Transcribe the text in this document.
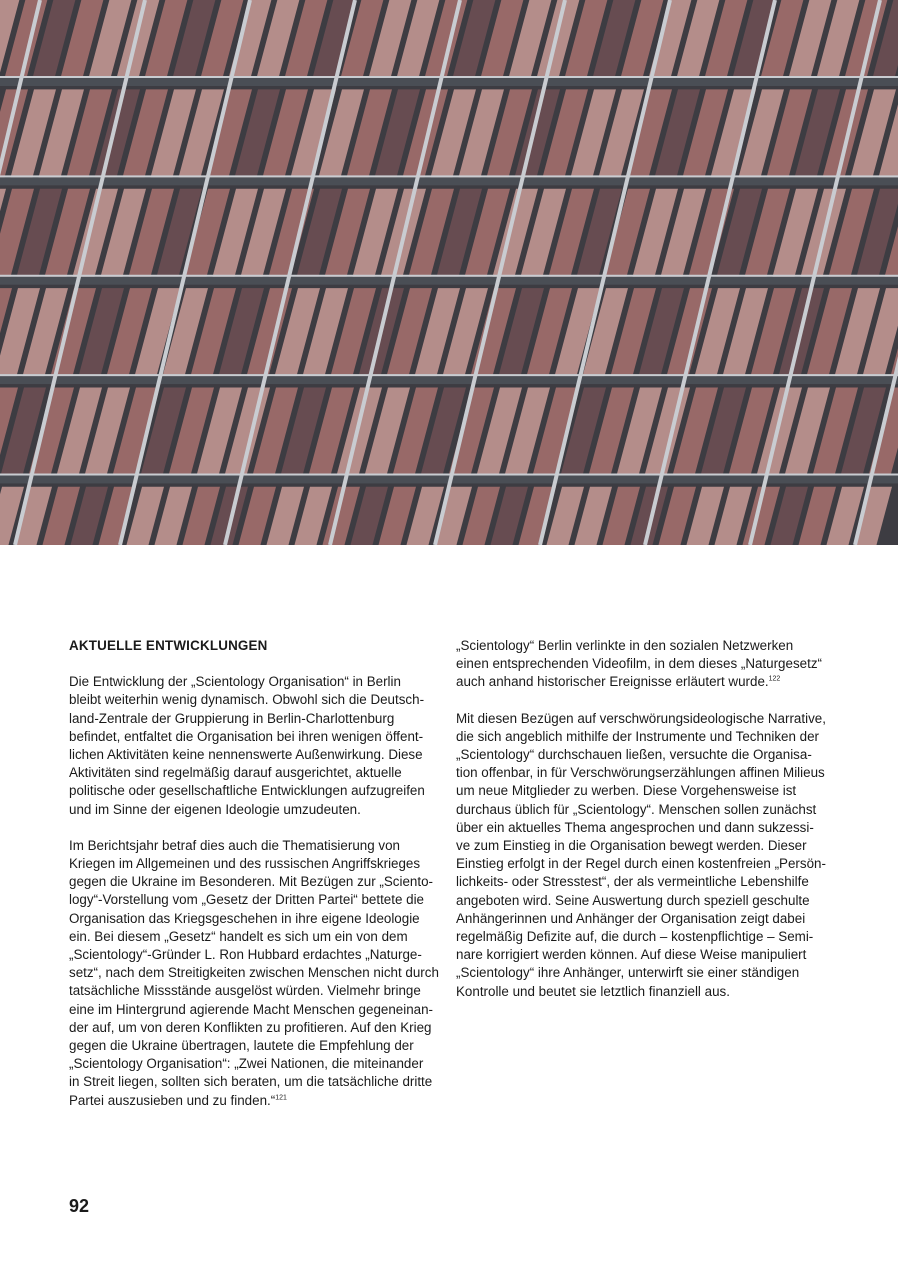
AKTUELLE ENTWICKLUNGEN
Die Entwicklung der „Scientology Organisation“ in Berlin
bleibt weiterhin wenig dynamisch. Obwohl sich die Deutsch-
land-Zentrale der Gruppierung in Berlin-Charlottenburg
befindet, entfaltet die Organisation bei ihren wenigen öffent-
lichen Aktivitäten keine nennenswerte Außenwirkung. Diese
Aktivitäten sind regelmäßig darauf ausgerichtet, aktuelle
politische oder gesellschaftliche Entwicklungen aufzugreifen
und im Sinne der eigenen Ideologie umzudeuten.
Im Berichtsjahr betraf dies auch die Thematisierung von
Kriegen im Allgemeinen und des russischen Angriffskrieges
gegen die Ukraine im Besonderen. Mit Bezügen zur „Sciento-
logy“-Vorstellung vom „Gesetz der Dritten Partei“ bettete die
Organisation das Kriegsgeschehen in ihre eigene Ideologie
ein. Bei diesem „Gesetz“ handelt es sich um ein von dem
„Scientology“-Gründer L. Ron Hubbard erdachtes „Naturge-
setz“, nach dem Streitigkeiten zwischen Menschen nicht durch
tatsächliche Missstände ausgelöst würden. Vielmehr bringe
eine im Hintergrund agierende Macht Menschen gegeneinan-
der auf, um von deren Konflikten zu profitieren. Auf den Krieg
gegen die Ukraine übertragen, lautete die Empfehlung der
„Scientology Organisation“: „Zwei Nationen, die miteinander
in Streit liegen, sollten sich beraten, um die tatsächliche dritte
Partei auszusieben und zu finden.“$^{121}$
„Scientology“ Berlin verlinkte in den sozialen Netzwerken
einen entsprechenden Videofilm, in dem dieses „Naturgesetz“
auch anhand historischer Ereignisse erläutert wurde.$^{122}$
Mit diesen Bezügen auf verschwörungsideologische Narrative,
die sich angeblich mithilfe der Instrumente und Techniken der
„Scientology“ durchschauen ließen, versuchte die Organisa-
tion offenbar, in für Verschwörungserzählungen affinen Milieus
um neue Mitglieder zu werben. Diese Vorgehensweise ist
durchaus üblich für „Scientology“. Menschen sollen zunächst
über ein aktuelles Thema angesprochen und dann sukzessi-
ve zum Einstieg in die Organisation bewegt werden. Dieser
Einstieg erfolgt in der Regel durch einen kostenfreien „Persön-
lichkeits- oder Stresstest“, der als vermeintliche Lebenshilfe
angeboten wird. Seine Auswertung durch speziell geschulte
Anhängerinnen und Anhänger der Organisation zeigt dabei
regelmäßig Defizite auf, die durch – kostenpflichtige – Semi-
nare korrigiert werden können. Auf diese Weise manipuliert
„Scientology“ ihre Anhänger, unterwirft sie einer ständigen
Kontrolle und beutet sie letztlich finanziell aus.
92
